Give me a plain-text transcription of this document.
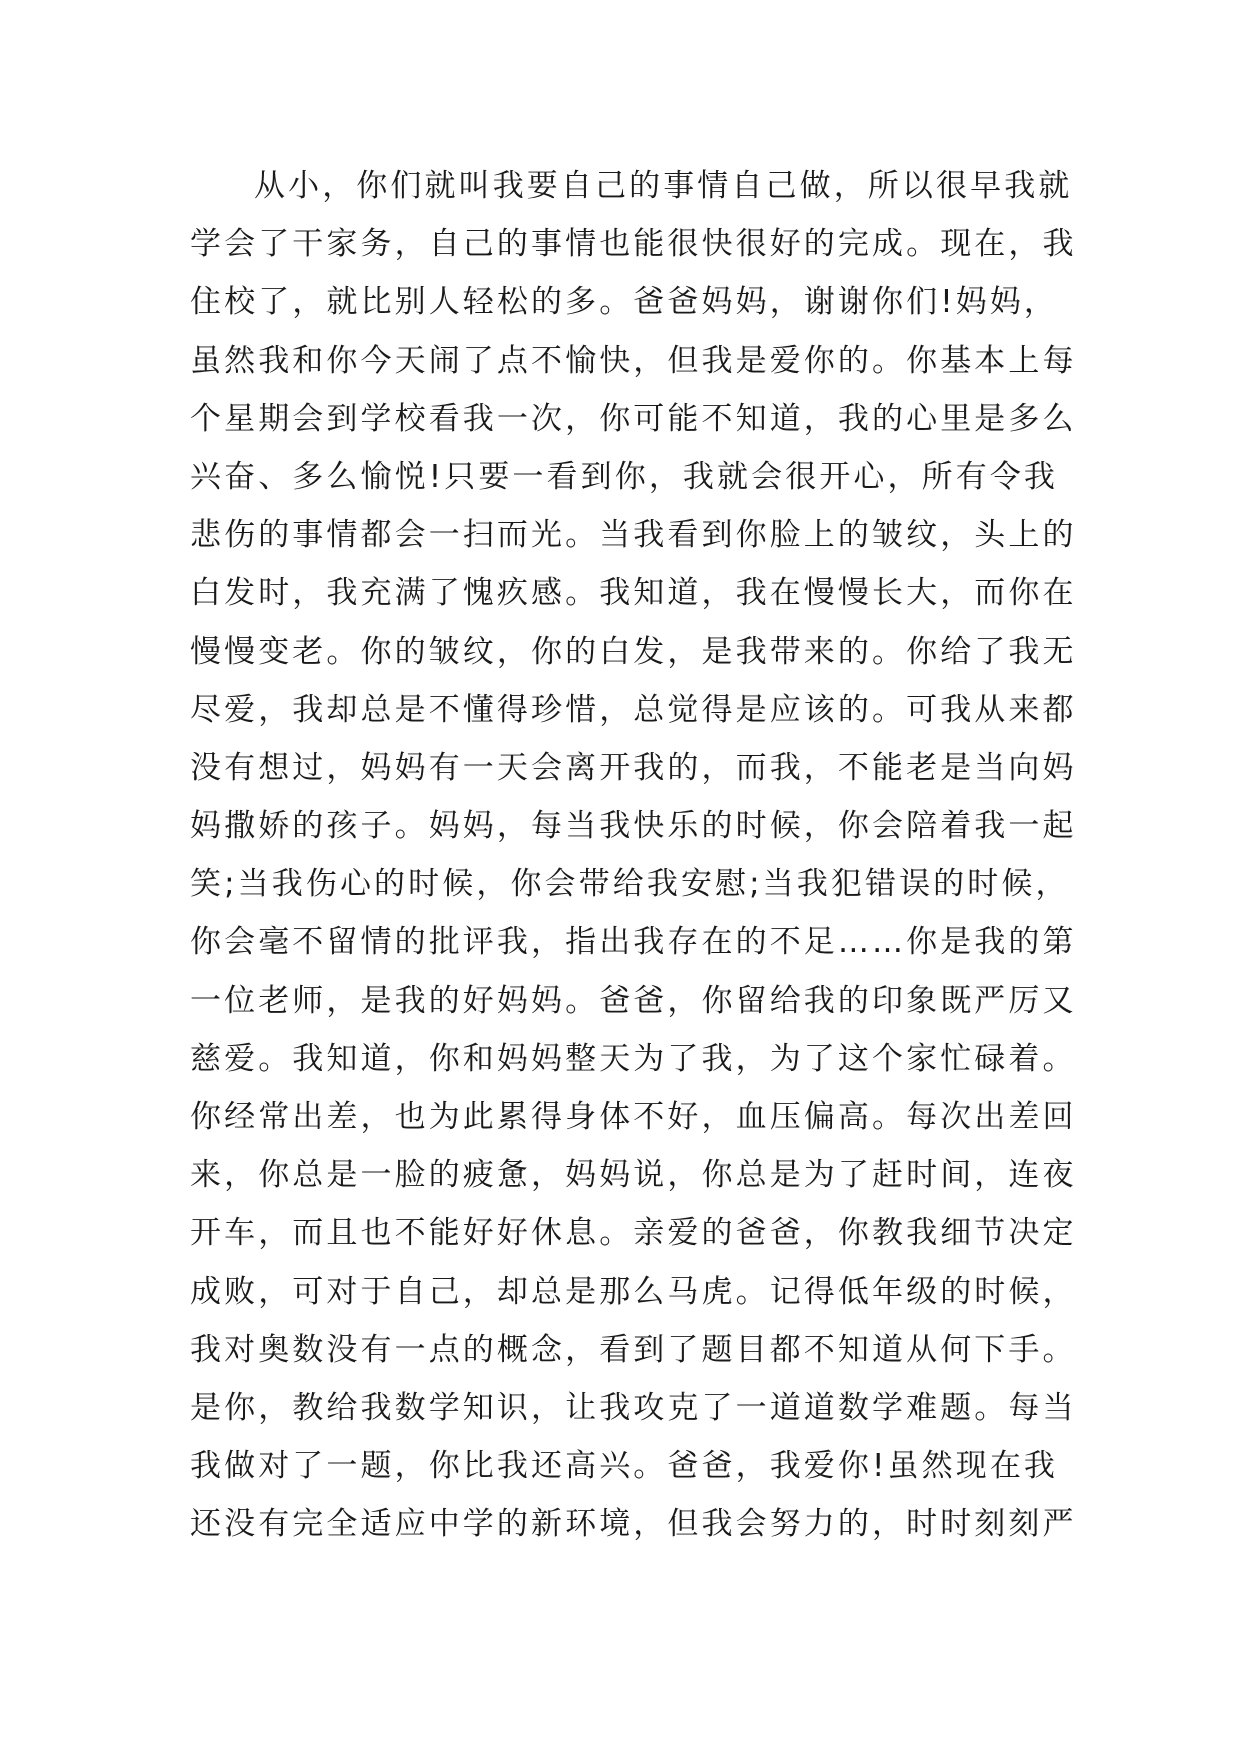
从小，你们就叫我要自己的事情自己做，所以很早我就
学会了干家务，自己的事情也能很快很好的完成。现在，我
住校了，就比别人轻松的多。爸爸妈妈，谢谢你们!妈妈，
虽然我和你今天闹了点不愉快，但我是爱你的。你基本上每
个星期会到学校看我一次，你可能不知道，我的心里是多么
兴奋、多么愉悦!只要一看到你，我就会很开心，所有令我
悲伤的事情都会一扫而光。当我看到你脸上的皱纹，头上的
白发时，我充满了愧疚感。我知道，我在慢慢长大，而你在
慢慢变老。你的皱纹，你的白发，是我带来的。你给了我无
尽爱，我却总是不懂得珍惜，总觉得是应该的。可我从来都
没有想过，妈妈有一天会离开我的，而我，不能老是当向妈
妈撒娇的孩子。妈妈，每当我快乐的时候，你会陪着我一起
笑;当我伤心的时候，你会带给我安慰;当我犯错误的时候，
你会毫不留情的批评我，指出我存在的不足……你是我的第
一位老师，是我的好妈妈。爸爸，你留给我的印象既严厉又
慈爱。我知道，你和妈妈整天为了我，为了这个家忙碌着。
你经常出差，也为此累得身体不好，血压偏高。每次出差回
来，你总是一脸的疲惫，妈妈说，你总是为了赶时间，连夜
开车，而且也不能好好休息。亲爱的爸爸，你教我细节决定
成败，可对于自己，却总是那么马虎。记得低年级的时候，
我对奥数没有一点的概念，看到了题目都不知道从何下手。
是你，教给我数学知识，让我攻克了一道道数学难题。每当
我做对了一题，你比我还高兴。爸爸，我爱你!虽然现在我
还没有完全适应中学的新环境，但我会努力的，时时刻刻严
